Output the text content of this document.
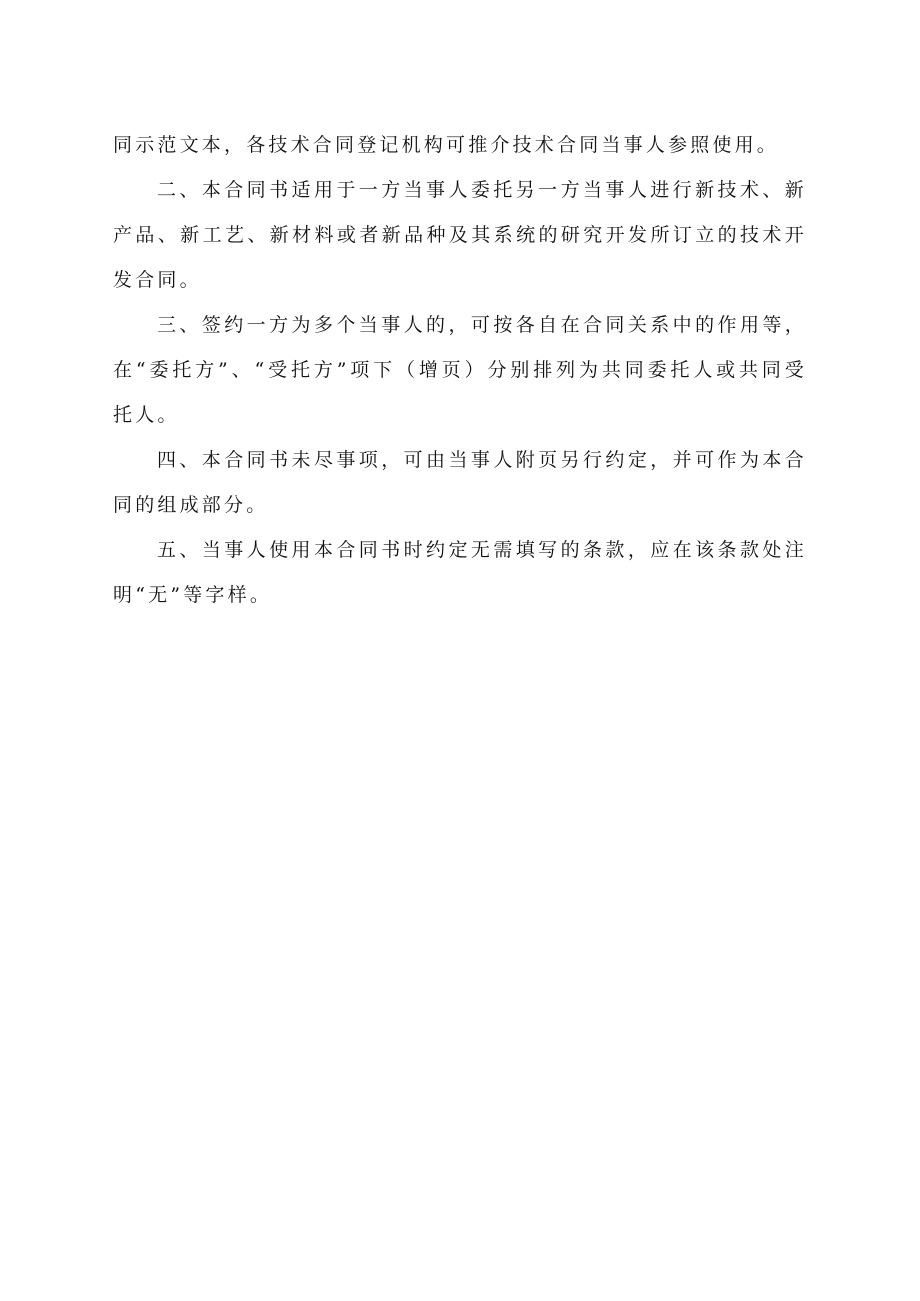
同示范文本，各技术合同登记机构可推介技术合同当事人参照使用。

二、本合同书适用于一方当事人委托另一方当事人进行新技术、新产品、新工艺、新材料或者新品种及其系统的研究开发所订立的技术开发合同。

三、签约一方为多个当事人的，可按各自在合同关系中的作用等，在“委托方”、“受托方”项下（增页）分别排列为共同委托人或共同受托人。

四、本合同书未尽事项，可由当事人附页另行约定，并可作为本合同的组成部分。

五、当事人使用本合同书时约定无需填写的条款，应在该条款处注明“无”等字样。
